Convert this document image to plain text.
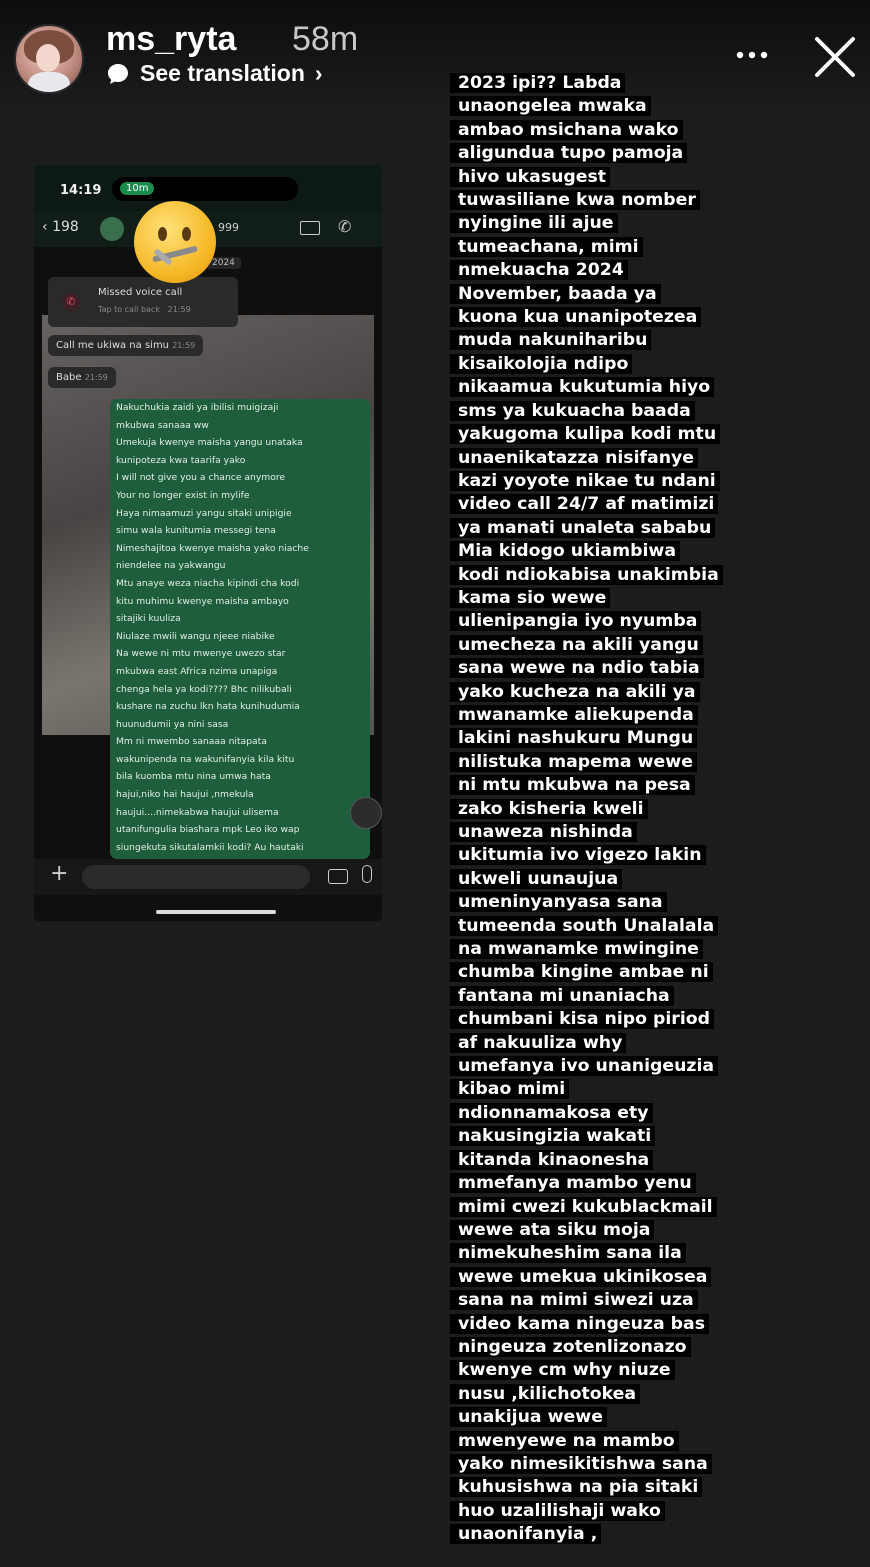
ms_ryta 58m
See translation ›
14:19	10m
‹ 198	999	✆
2024
✆
Missed voice call
Tap to call back 21:59
Call me ukiwa na simu 21:59
Babe 21:59
Nakuchukia zaidi ya ibilisi muigizaji
mkubwa sanaaa ww
Umekuja kwenye maisha yangu unataka
kunipoteza kwa taarifa yako
I will not give you a chance anymore
Your no longer exist in mylife
Haya nimaamuzi yangu sitaki unipigie
simu wala kunitumia messegi tena
Nimeshajitoa kwenye maisha yako niache
niendelee na yakwangu
Mtu anaye weza niacha kipindi cha kodi
kitu muhimu kwenye maisha ambayo
sitajiki kuuliza
Niulaze mwili wangu njeee niabike
Na wewe ni mtu mwenye uwezo star
mkubwa east Africa nzima unapiga
chenga hela ya kodi???? Bhc nilikubali
kushare na zuchu lkn hata kunihudumia
huunudumii ya nini sasa
Mm ni mwembo sanaaa nitapata
wakunipenda na wakunifanyia kila kitu
bila kuomba mtu nina umwa hata
hajui,niko hai haujui ,nmekula
haujui....nimekabwa haujui ulisema
utanifungulia biashara mpk Leo iko wap
siungekuta sikutalamkii kodi? Au hautaki
+
2023 ipi?? Labda
unaongelea mwaka
ambao msichana wako
aligundua tupo pamoja
hivo ukasugest
tuwasiliane kwa nomber
nyingine ili ajue
tumeachana, mimi
nmekuacha 2024
November, baada ya
kuona kua unanipotezea
muda nakuniharibu
kisaikolojia ndipo
nikaamua kukutumia hiyo
sms ya kukuacha baada
yakugoma kulipa kodi mtu
unaenikatazza nisifanye
kazi yoyote nikae tu ndani
video call 24/7 af matimizi
ya manati unaleta sababu
Mia kidogo ukiambiwa
kodi ndiokabisa unakimbia
kama sio wewe
ulienipangia iyo nyumba
umecheza na akili yangu
sana wewe na ndio tabia
yako kucheza na akili ya
mwanamke aliekupenda
lakini nashukuru Mungu
nilistuka mapema wewe
ni mtu mkubwa na pesa
zako kisheria kweli
unaweza nishinda
ukitumia ivo vigezo lakin
ukweli uunaujua
umeninyanyasa sana
tumeenda south Unalalala
na mwanamke mwingine
chumba kingine ambae ni
fantana mi unaniacha
chumbani kisa nipo piriod
af nakuuliza why
umefanya ivo unanigeuzia
kibao mimi
ndionnamakosa ety
nakusingizia wakati
kitanda kinaonesha
mmefanya mambo yenu
mimi cwezi kukublackmail
wewe ata siku moja
nimekuheshim sana ila
wewe umekua ukinikosea
sana na mimi siwezi uza
video kama ningeuza bas
ningeuza zotenlizonazo
kwenye cm why niuze
nusu ,kilichotokea
unakijua wewe
mwenyewe na mambo
yako nimesikitishwa sana
kuhusishwa na pia sitaki
huo uzalilishaji wako
unaonifanyia ,
